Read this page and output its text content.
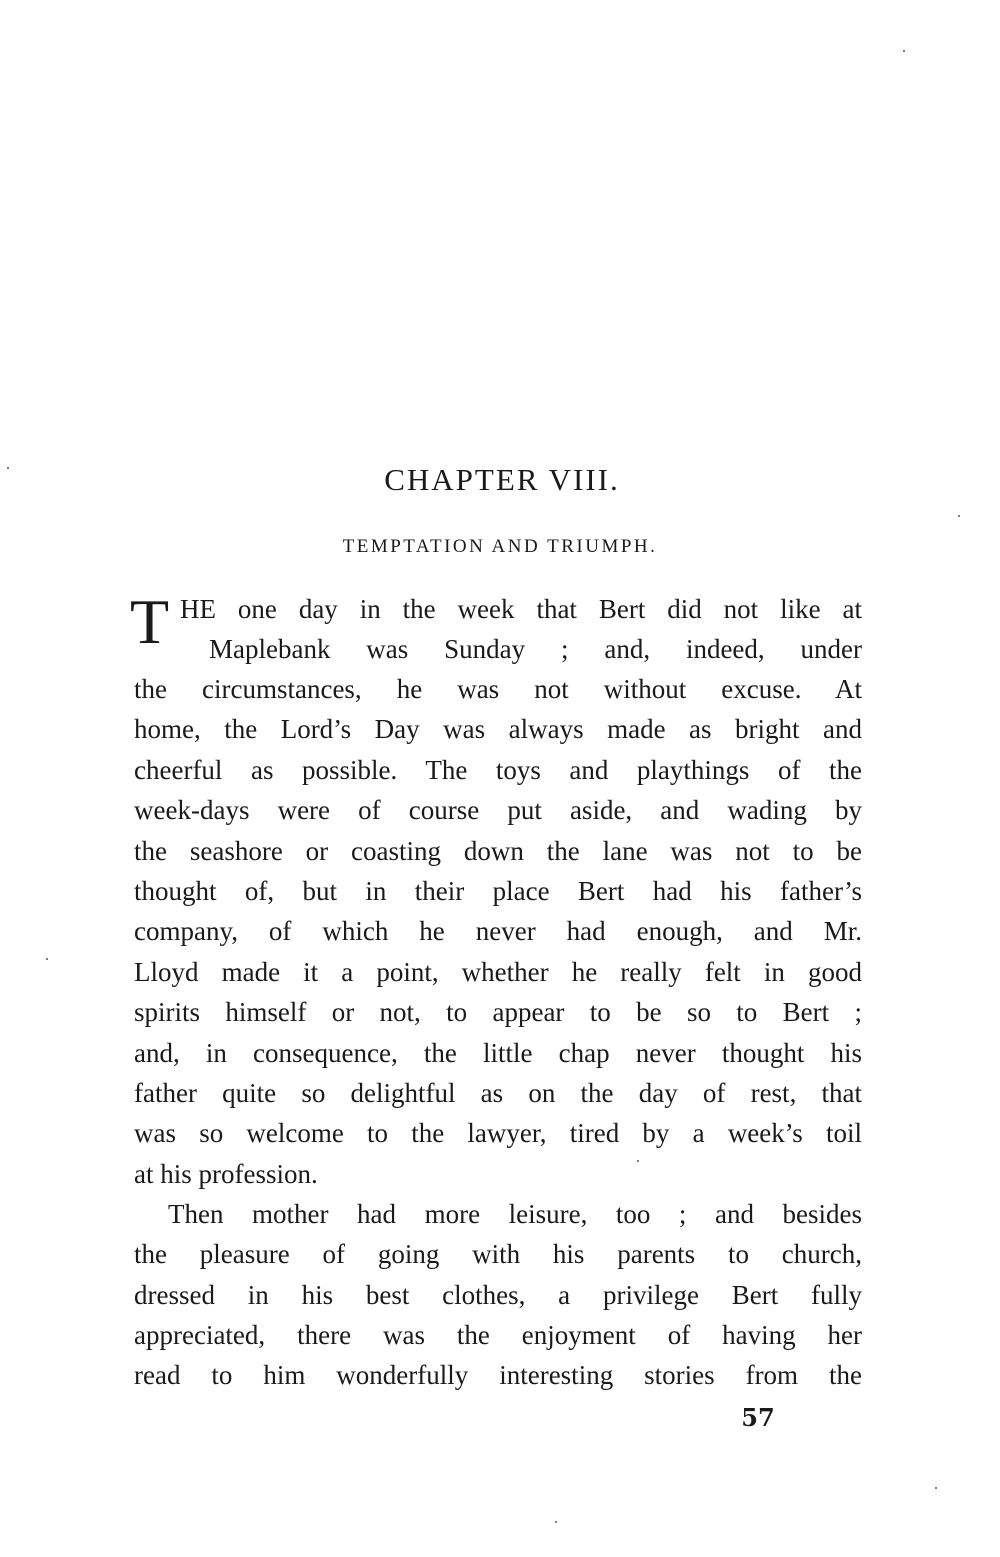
CHAPTER VIII.
TEMPTATION AND TRIUMPH.
T HE one day in the week that Bert did not like at
Maplebank was Sunday ; and, indeed, under
the circumstances, he was not without excuse. At
home, the Lord’s Day was always made as bright and
cheerful as possible. The toys and playthings of the
week-days were of course put aside, and wading by
the seashore or coasting down the lane was not to be
thought of, but in their place Bert had his father’s
company, of which he never had enough, and Mr.
Lloyd made it a point, whether he really felt in good
spirits himself or not, to appear to be so to Bert ;
and, in consequence, the little chap never thought his
father quite so delightful as on the day of rest, that
was so welcome to the lawyer, tired by a week’s toil
at his profession.
Then mother had more leisure, too ; and besides
the pleasure of going with his parents to church,
dressed in his best clothes, a privilege Bert fully
appreciated, there was the enjoyment of having her
read to him wonderfully interesting stories from the
57
